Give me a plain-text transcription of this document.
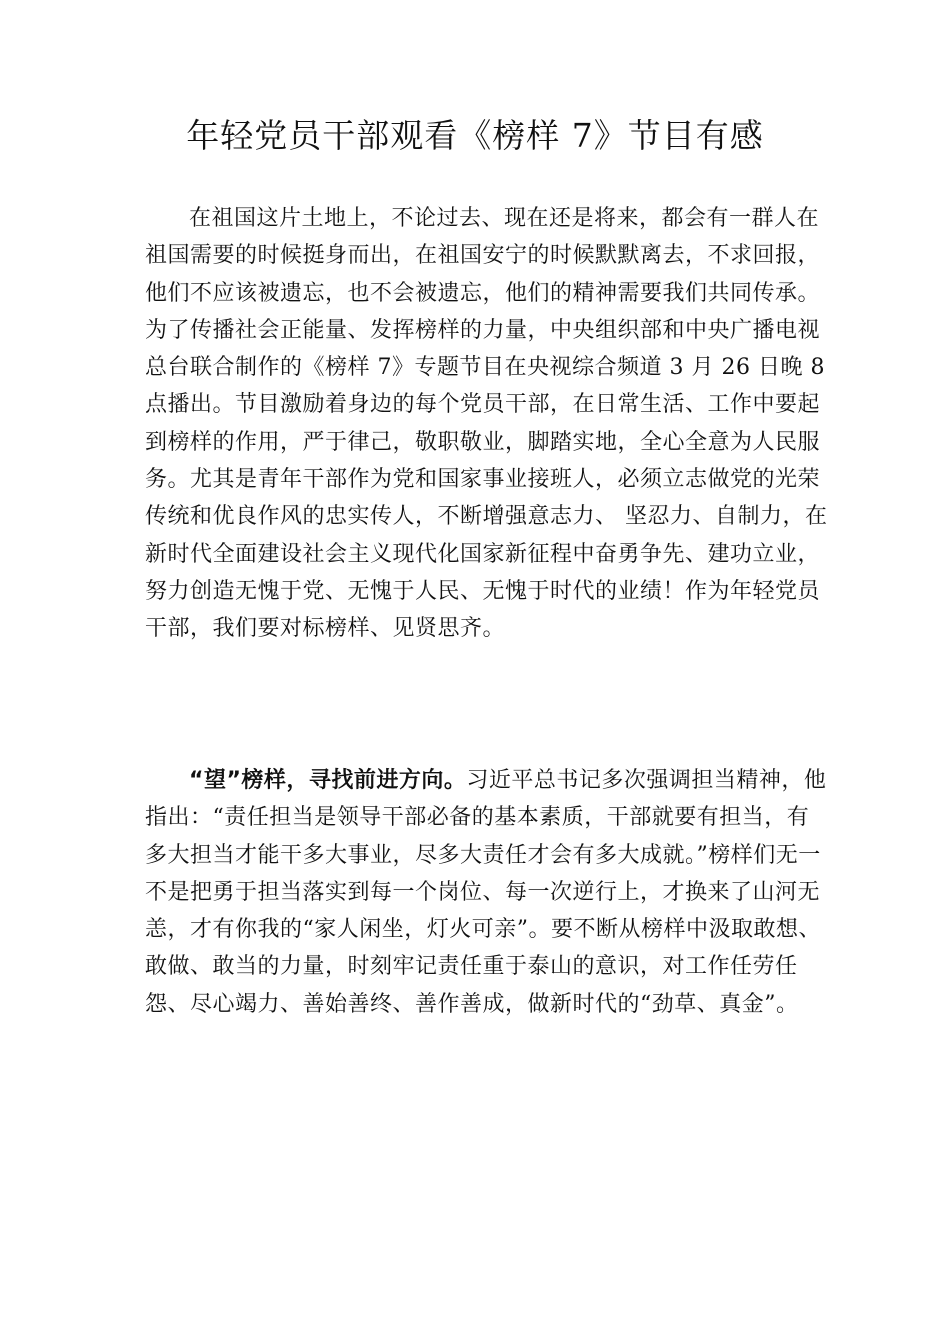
年轻党员干部观看《榜样 7》节目有感

在祖国这片土地上，不论过去、现在还是将来，都会有一群人在祖国需要的时候挺身而出，在祖国安宁的时候默默离去，不求回报，他们不应该被遗忘，也不会被遗忘，他们的精神需要我们共同传承。为了传播社会正能量、发挥榜样的力量，中央组织部和中央广播电视总台联合制作的《榜样 7》专题节目在央视综合频道 3 月 26 日晚 8 点播出。节目激励着身边的每个党员干部，在日常生活、工作中要起到榜样的作用，严于律己，敬职敬业，脚踏实地，全心全意为人民服务。尤其是青年干部作为党和国家事业接班人，必须立志做党的光荣传统和优良作风的忠实传人，不断增强意志力、 坚忍力、自制力，在新时代全面建设社会主义现代化国家新征程中奋勇争先、建功立业，努力创造无愧于党、无愧于人民、无愧于时代的业绩！作为年轻党员干部，我们要对标榜样、见贤思齐。

“望”榜样，寻找前进方向。习近平总书记多次强调担当精神，他指出：“责任担当是领导干部必备的基本素质，干部就要有担当，有多大担当才能干多大事业，尽多大责任才会有多大成就。”榜样们无一不是把勇于担当落实到每一个岗位、每一次逆行上，才换来了山河无恙，才有你我的“家人闲坐，灯火可亲”。要不断从榜样中汲取敢想、敢做、敢当的力量，时刻牢记责任重于泰山的意识，对工作任劳任怨、尽心竭力、善始善终、善作善成，做新时代的“劲草、真金”。
